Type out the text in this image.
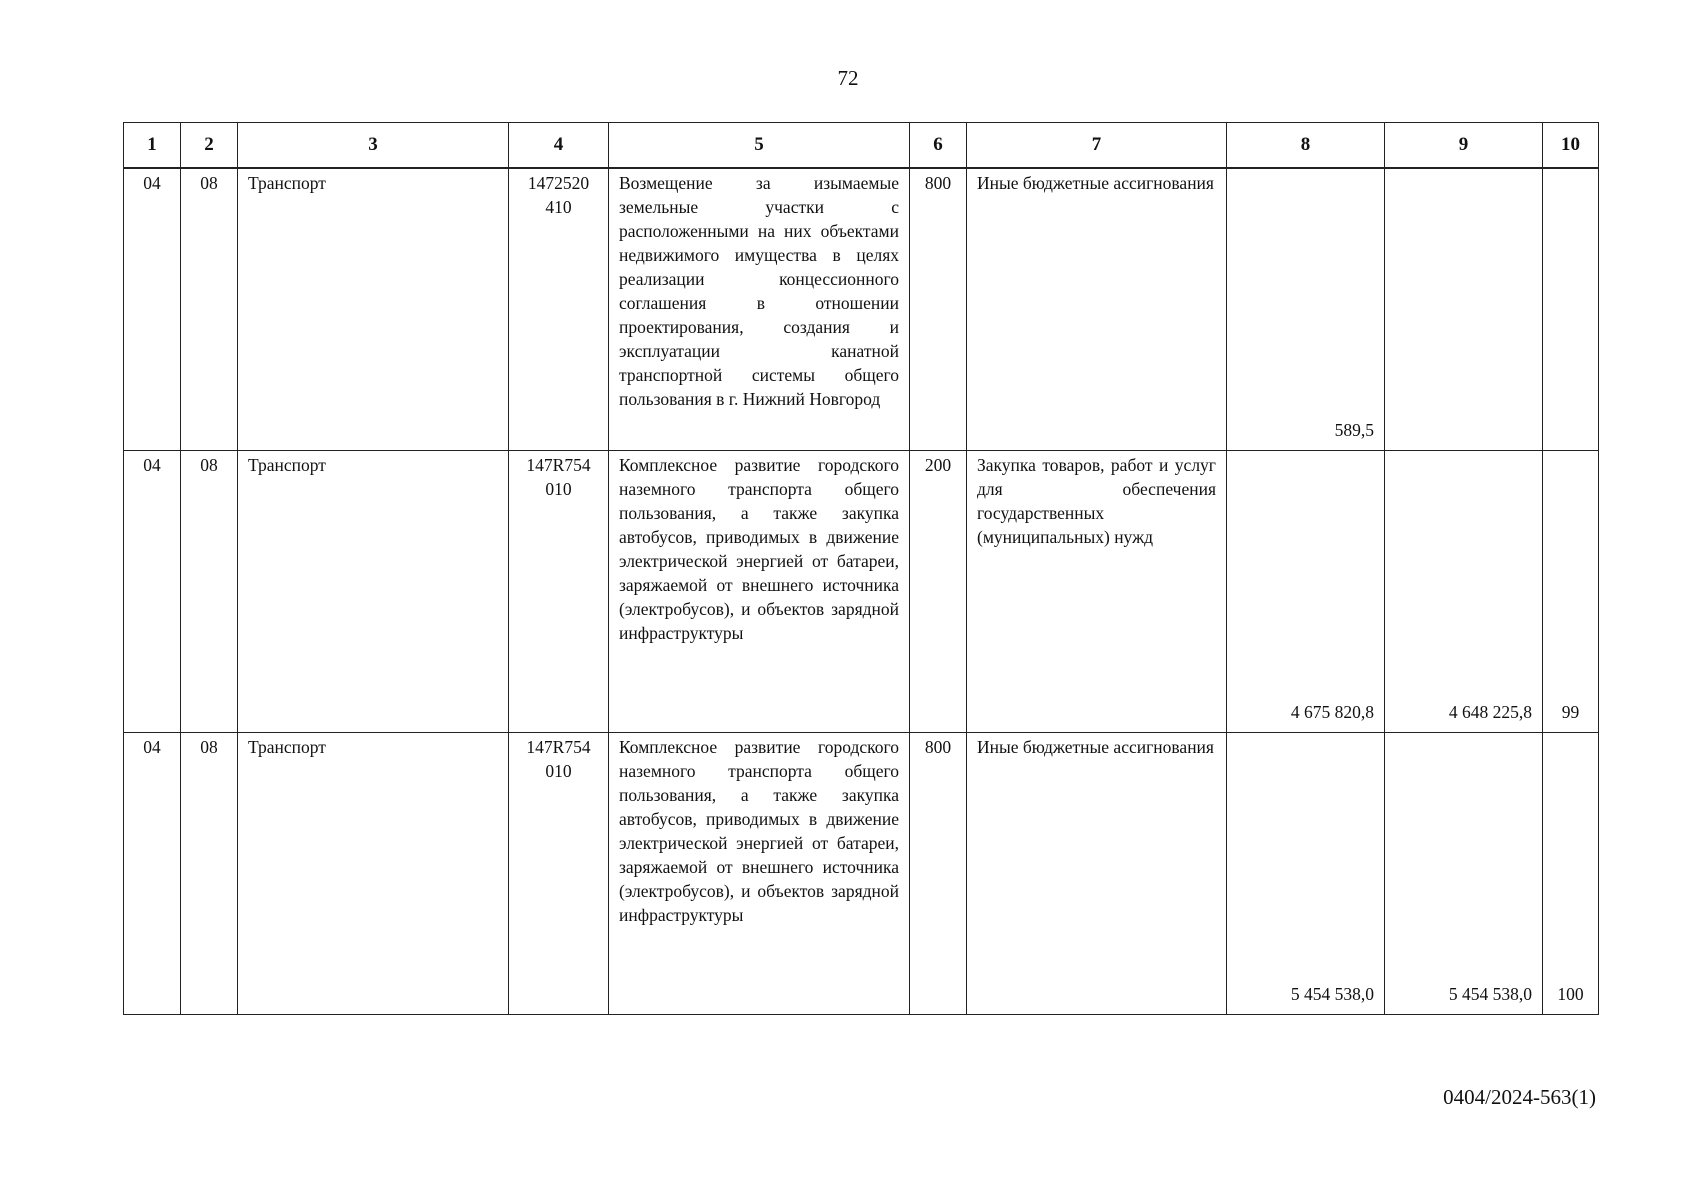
72
1	2	3	4	5	6	7	8	9	10
04	08	Транспорт	1472520 410	Возмещение за изымаемые земельные участки с расположенными на них объектами недвижимого имущества в целях реализации концессионного соглашения в отношении проектирования, создания и эксплуатации канатной транспортной системы общего пользования в г. Нижний Новгород	800	Иные бюджетные ассигнования	589,5		
04	08	Транспорт	147R754 010	Комплексное развитие городского наземного транспорта общего пользования, а также закупка автобусов, приводимых в движение электрической энергией от батареи, заряжаемой от внешнего источника (электробусов), и объектов зарядной инфраструктуры	200	Закупка товаров, работ и услуг для обеспечения государственных (муниципальных) нужд	4 675 820,8	4 648 225,8	99
04	08	Транспорт	147R754 010	Комплексное развитие городского наземного транспорта общего пользования, а также закупка автобусов, приводимых в движение электрической энергией от батареи, заряжаемой от внешнего источника (электробусов), и объектов зарядной инфраструктуры	800	Иные бюджетные ассигнования	5 454 538,0	5 454 538,0	100
0404/2024-563(1)
